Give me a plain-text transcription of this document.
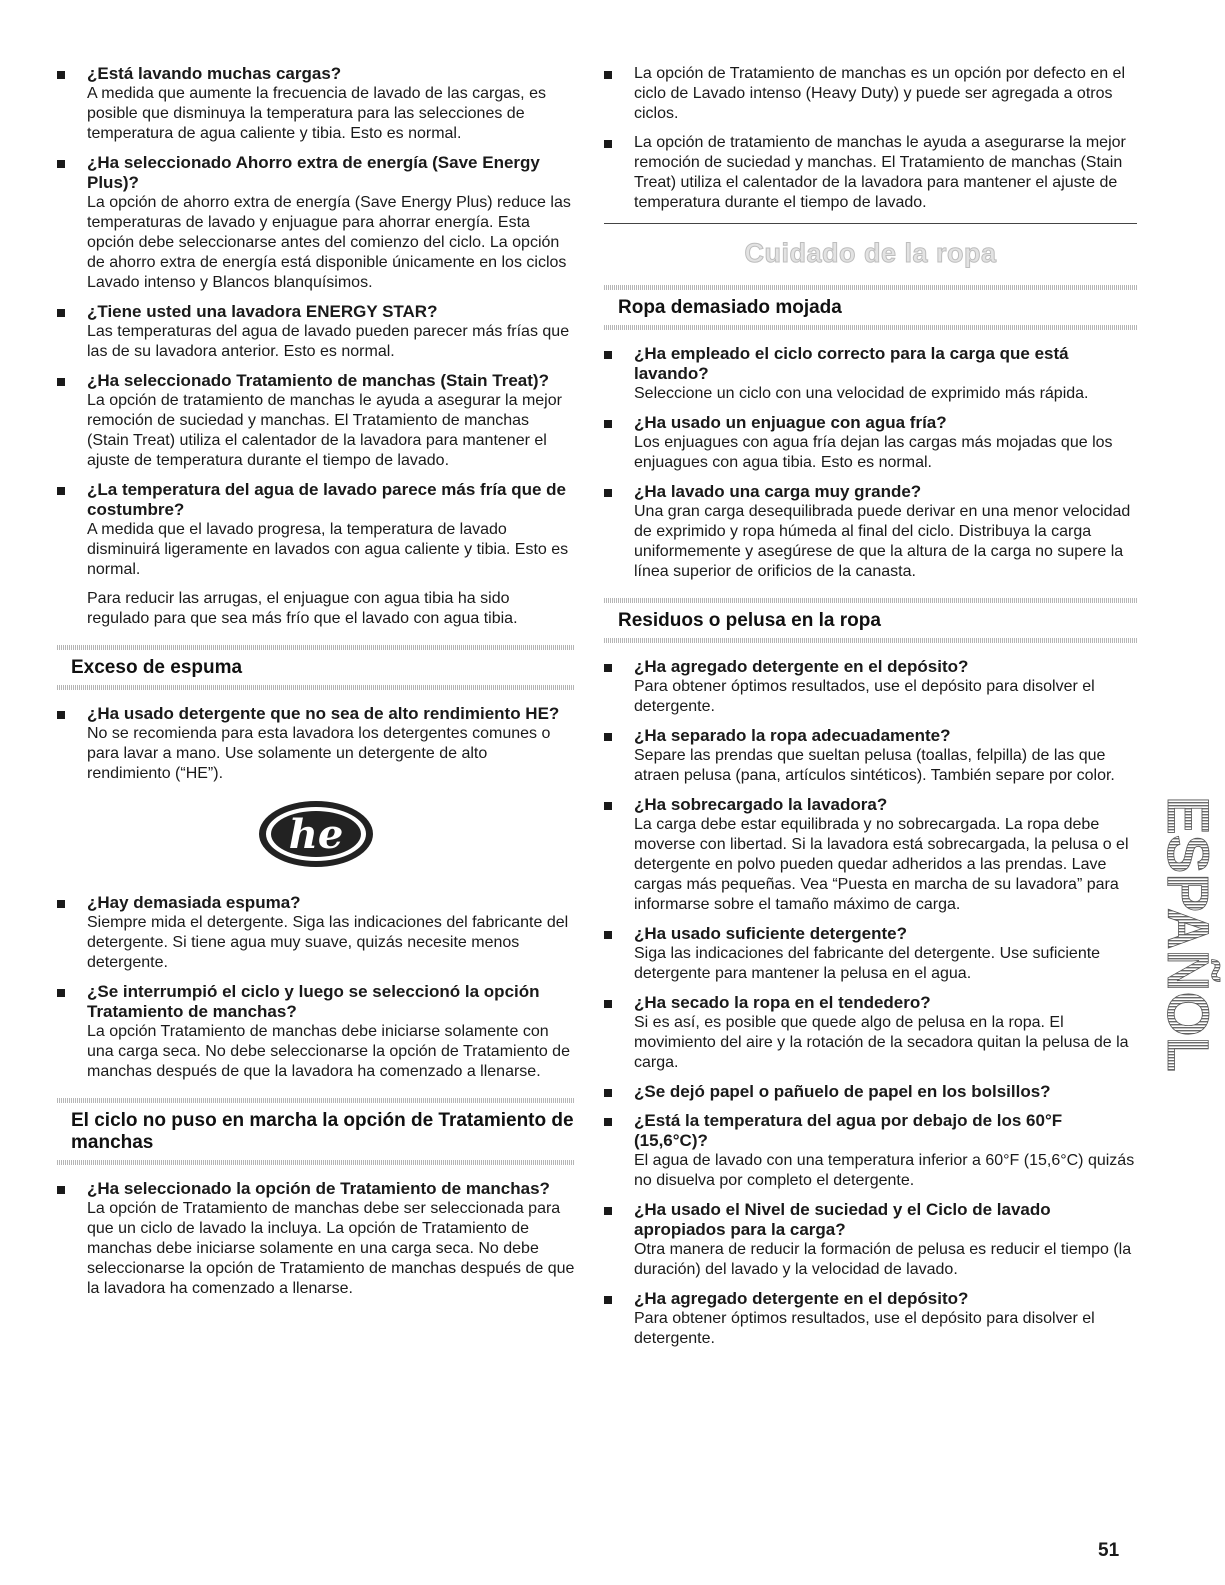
¿Está lavando muchas cargas?
A medida que aumente la frecuencia de lavado de las cargas, es posible que disminuya la temperatura para las selecciones de temperatura de agua caliente y tibia. Esto es normal.
¿Ha seleccionado Ahorro extra de energía (Save Energy Plus)?
La opción de ahorro extra de energía (Save Energy Plus) reduce las temperaturas de lavado y enjuague para ahorrar energía. Esta opción debe seleccionarse antes del comienzo del ciclo. La opción de ahorro extra de energía está disponible únicamente en los ciclos Lavado intenso y Blancos blanquísimos.
¿Tiene usted una lavadora ENERGY STAR?
Las temperaturas del agua de lavado pueden parecer más frías que las de su lavadora anterior. Esto es normal.
¿Ha seleccionado Tratamiento de manchas (Stain Treat)?
La opción de tratamiento de manchas le ayuda a asegurar la mejor remoción de suciedad y manchas. El Tratamiento de manchas (Stain Treat) utiliza el calentador de la lavadora para mantener el ajuste de temperatura durante el tiempo de lavado.
¿La temperatura del agua de lavado parece más fría que de costumbre?
A medida que el lavado progresa, la temperatura de lavado disminuirá ligeramente en lavados con agua caliente y tibia. Esto es normal.
Para reducir las arrugas, el enjuague con agua tibia ha sido regulado para que sea más frío que el lavado con agua tibia.
Exceso de espuma
¿Ha usado detergente que no sea de alto rendimiento HE?
No se recomienda para esta lavadora los detergentes comunes o para lavar a mano. Use solamente un detergente de alto rendimiento (“HE”).
he
¿Hay demasiada espuma?
Siempre mida el detergente. Siga las indicaciones del fabricante del detergente. Si tiene agua muy suave, quizás necesite menos detergente.
¿Se interrumpió el ciclo y luego se seleccionó la opción Tratamiento de manchas?
La opción Tratamiento de manchas debe iniciarse solamente con una carga seca. No debe seleccionarse la opción de Tratamiento de manchas después de que la lavadora ha comenzado a llenarse.
El ciclo no puso en marcha la opción de Tratamiento de manchas
¿Ha seleccionado la opción de Tratamiento de manchas?
La opción de Tratamiento de manchas debe ser seleccionada para que un ciclo de lavado la incluya. La opción de Tratamiento de manchas debe iniciarse solamente en una carga seca. No debe seleccionarse la opción de Tratamiento de manchas después de que la lavadora ha comenzado a llenarse.
La opción de Tratamiento de manchas es un opción por defecto en el ciclo de Lavado intenso (Heavy Duty) y puede ser agregada a otros ciclos.
La opción de tratamiento de manchas le ayuda a asegurarse la mejor remoción de suciedad y manchas. El Tratamiento de manchas (Stain Treat) utiliza el calentador de la lavadora para mantener el ajuste de temperatura durante el tiempo de lavado.
Cuidado de la ropa
Ropa demasiado mojada
¿Ha empleado el ciclo correcto para la carga que está lavando?
Seleccione un ciclo con una velocidad de exprimido más rápida.
¿Ha usado un enjuague con agua fría?
Los enjuagues con agua fría dejan las cargas más mojadas que los enjuagues con agua tibia. Esto es normal.
¿Ha lavado una carga muy grande?
Una gran carga desequilibrada puede derivar en una menor velocidad de exprimido y ropa húmeda al final del ciclo. Distribuya la carga uniformemente y asegúrese de que la altura de la carga no supere la línea superior de orificios de la canasta.
Residuos o pelusa en la ropa
¿Ha agregado detergente en el depósito?
Para obtener óptimos resultados, use el depósito para disolver el detergente.
¿Ha separado la ropa adecuadamente?
Separe las prendas que sueltan pelusa (toallas, felpilla) de las que atraen pelusa (pana, artículos sintéticos). También separe por color.
¿Ha sobrecargado la lavadora?
La carga debe estar equilibrada y no sobrecargada. La ropa debe moverse con libertad. Si la lavadora está sobrecargada, la pelusa o el detergente en polvo pueden quedar adheridos a las prendas. Lave cargas más pequeñas. Vea “Puesta en marcha de su lavadora” para informarse sobre el tamaño máximo de carga.
¿Ha usado suficiente detergente?
Siga las indicaciones del fabricante del detergente. Use suficiente detergente para mantener la pelusa en el agua.
¿Ha secado la ropa en el tendedero?
Si es así, es posible que quede algo de pelusa en la ropa. El movimiento del aire y la rotación de la secadora quitan la pelusa de la carga.
¿Se dejó papel o pañuelo de papel en los bolsillos?
¿Está la temperatura del agua por debajo de los 60°F (15,6°C)?
El agua de lavado con una temperatura inferior a 60°F (15,6°C) quizás no disuelva por completo el detergente.
¿Ha usado el Nivel de suciedad y el Ciclo de lavado apropiados para la carga?
Otra manera de reducir la formación de pelusa es reducir el tiempo (la duración) del lavado y la velocidad de lavado.
¿Ha agregado detergente en el depósito?
Para obtener óptimos resultados, use el depósito para disolver el detergente.
ESPAÑOL
51
